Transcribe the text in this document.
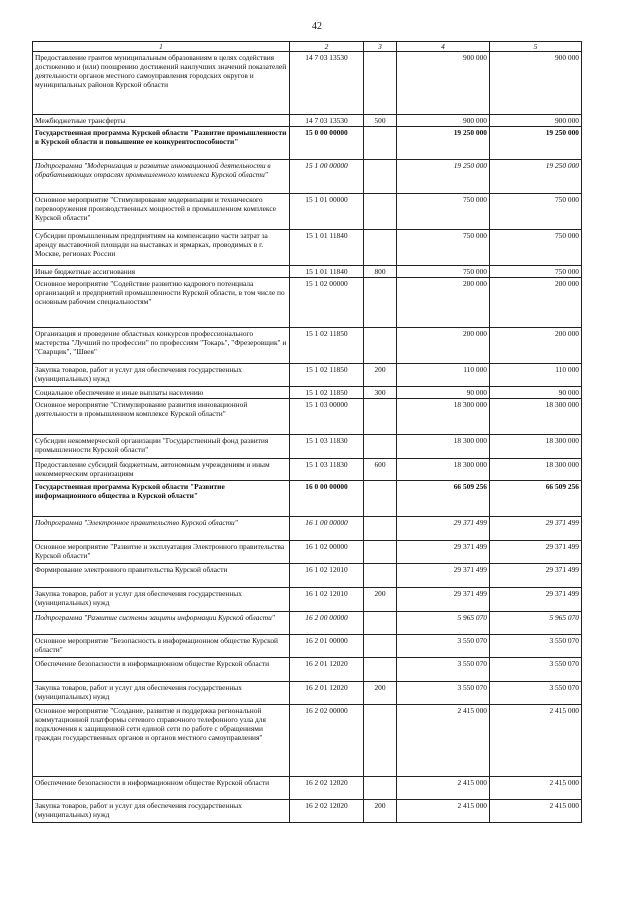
42
1	2	3	4	5
Предоставление грантов муниципальным образованиям в целях содействия достижению и (или) поощрению достижений наилучших значений показателей деятельности органов местного самоуправления городских округов и муниципальных районов Курской области	14 7 03 13530		900 000	900 000
Межбюджетные трансферты	14 7 03 13530	500	900 000	900 000
Государственная программа Курской области "Развитие промышленности в Курской области и повышение ее конкурентоспособности"	15 0 00 00000		19 250 000	19 250 000
Подпрограмма "Модернизация и развитие инновационной деятельности в обрабатывающих отраслях промышленного комплекса Курской области"	15 1 00 00000		19 250 000	19 250 000
Основное мероприятие "Стимулирование модернизации и технического перевооружения производственных мощностей в промышленном комплексе Курской области"	15 1 01 00000		750 000	750 000
Субсидии промышленным предприятиям на компенсацию части затрат за аренду выставочной площади на выставках и ярмарках, проводимых в г. Москве, регионах России	15 1 01 11840		750 000	750 000
Иные бюджетные ассигнования	15 1 01 11840	800	750 000	750 000
Основное мероприятие "Содействие развитию кадрового потенциала организаций и предприятий промышленности Курской области, в том числе по основным рабочим специальностям"	15 1 02 00000		200 000	200 000
Организация и проведение областных конкурсов профессионального мастерства "Лучший по профессии" по профессиям "Токарь", "Фрезеровщик" и "Сварщик", "Швея"	15 1 02 11850		200 000	200 000
Закупка товаров, работ и услуг для обеспечения государственных (муниципальных) нужд	15 1 02 11850	200	110 000	110 000
Социальное обеспечение и иные выплаты населению	15 1 02 11850	300	90 000	90 000
Основное мероприятие "Стимулирование развития инновационной деятельности в промышленном комплексе Курской области"	15 1 03 00000		18 300 000	18 300 000
Субсидии некоммерческой организации "Государственный фонд развития промышленности Курской области"	15 1 03 11830		18 300 000	18 300 000
Предоставление субсидий бюджетным, автономным учреждениям и иным некоммерческим организациям	15 1 03 11830	600	18 300 000	18 300 000
Государственная программа Курской области "Развитие информационного общества в Курской области"	16 0 00 00000		66 509 256	66 509 256
Подпрограмма "Электронное правительство Курской области"	16 1 00 00000		29 371 499	29 371 499
Основное мероприятие "Развитие и эксплуатация Электронного правительства Курской области"	16 1 02 00000		29 371 499	29 371 499
Формирование электронного правительства Курской области	16 1 02 12010		29 371 499	29 371 499
Закупка товаров, работ и услуг для обеспечения государственных (муниципальных) нужд	16 1 02 12010	200	29 371 499	29 371 499
Подпрограмма "Развитие системы защиты информации Курской области"	16 2 00 00000		5 965 070	5 965 070
Основное мероприятие "Безопасность в информационном обществе Курской области"	16 2 01 00000		3 550 070	3 550 070
Обеспечение безопасности в информационном обществе Курской области	16 2 01 12020		3 550 070	3 550 070
Закупка товаров, работ и услуг для обеспечения государственных (муниципальных) нужд	16 2 01 12020	200	3 550 070	3 550 070
Основное мероприятие "Создание, развитие и поддержка региональной коммутационной платформы сетевого справочного телефонного узла для подключения к защищенной сети единой сети по работе с обращениями граждан государственных органов и органов местного самоуправления"	16 2 02 00000		2 415 000	2 415 000
Обеспечение безопасности в информационном обществе Курской области	16 2 02 12020		2 415 000	2 415 000
Закупка товаров, работ и услуг для обеспечения государственных (муниципальных) нужд	16 2 02 12020	200	2 415 000	2 415 000
